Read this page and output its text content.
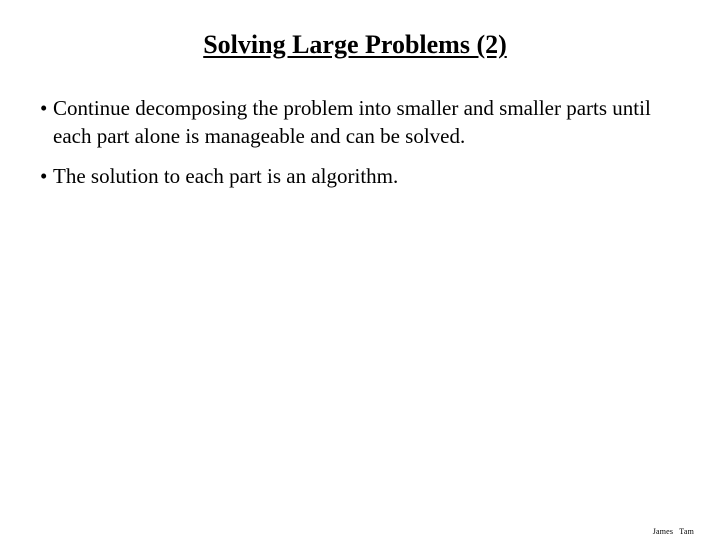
Solving Large Problems (2)
• Continue decomposing the problem into smaller and smaller parts until each part alone is manageable and can be solved.
• The solution to each part is an algorithm.
James Tam
